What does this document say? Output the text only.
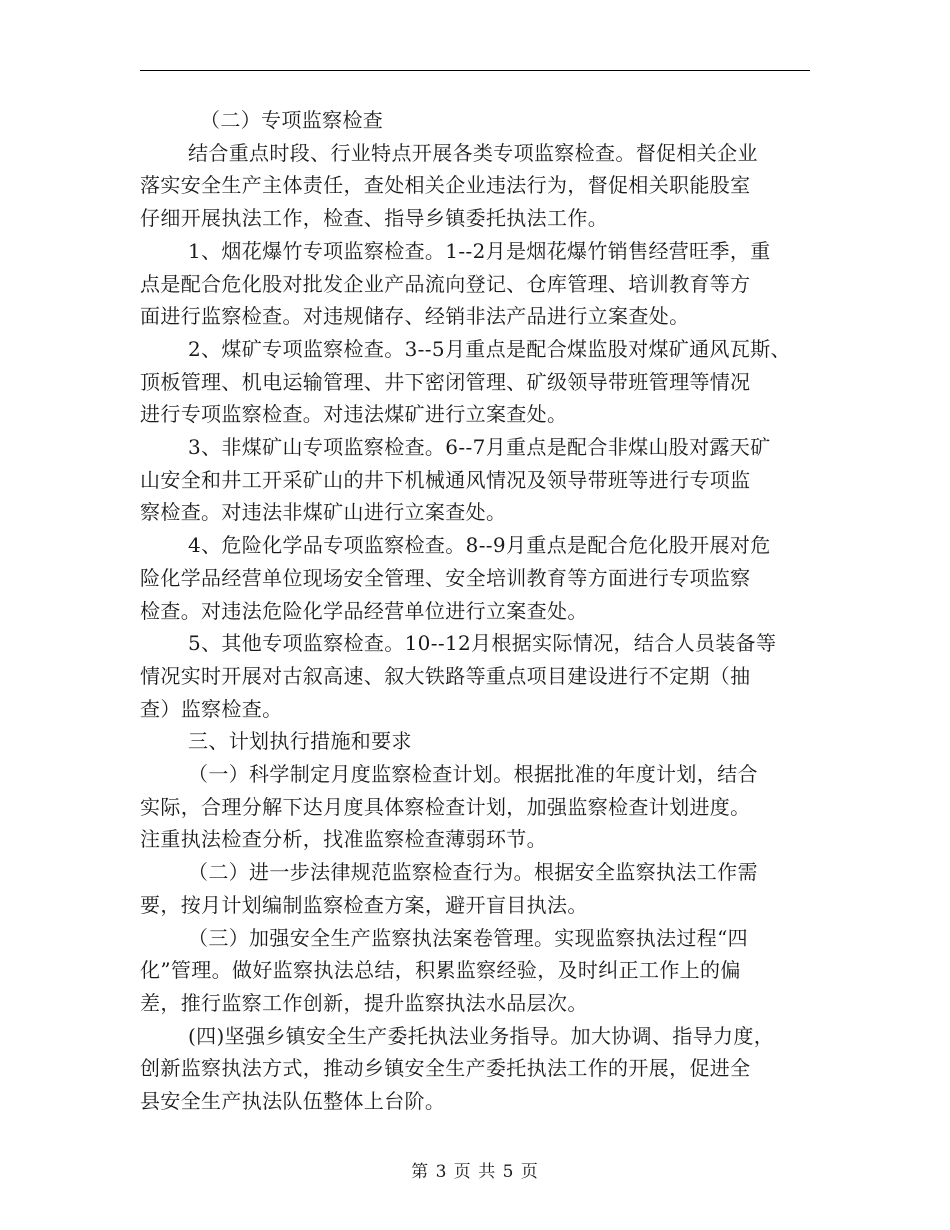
（二）专项监察检查

结合重点时段、行业特点开展各类专项监察检查。督促相关企业
落实安全生产主体责任，查处相关企业违法行为，督促相关职能股室
仔细开展执法工作，检查、指导乡镇委托执法工作。

1、烟花爆竹专项监察检查。1--2月是烟花爆竹销售经营旺季，重
点是配合危化股对批发企业产品流向登记、仓库管理、培训教育等方
面进行监察检查。对违规储存、经销非法产品进行立案查处。

2、煤矿专项监察检查。3--5月重点是配合煤监股对煤矿通风瓦斯、
顶板管理、机电运输管理、井下密闭管理、矿级领导带班管理等情况
进行专项监察检查。对违法煤矿进行立案查处。

3、非煤矿山专项监察检查。6--7月重点是配合非煤山股对露天矿
山安全和井工开采矿山的井下机械通风情况及领导带班等进行专项监
察检查。对违法非煤矿山进行立案查处。

4、危险化学品专项监察检查。8--9月重点是配合危化股开展对危
险化学品经营单位现场安全管理、安全培训教育等方面进行专项监察
检查。对违法危险化学品经营单位进行立案查处。

5、其他专项监察检查。10--12月根据实际情况，结合人员装备等
情况实时开展对古叙高速、叙大铁路等重点项目建设进行不定期（抽
查）监察检查。

三、计划执行措施和要求

（一）科学制定月度监察检查计划。根据批准的年度计划，结合
实际，合理分解下达月度具体察检查计划，加强监察检查计划进度。
注重执法检查分析，找准监察检查薄弱环节。

（二）进一步法律规范监察检查行为。根据安全监察执法工作需
要，按月计划编制监察检查方案，避开盲目执法。

（三）加强安全生产监察执法案卷管理。实现监察执法过程“四
化”管理。做好监察执法总结，积累监察经验，及时纠正工作上的偏
差，推行监察工作创新，提升监察执法水品层次。

(四)坚强乡镇安全生产委托执法业务指导。加大协调、指导力度，
创新监察执法方式，推动乡镇安全生产委托执法工作的开展，促进全
县安全生产执法队伍整体上台阶。

第 3 页 共 5 页
